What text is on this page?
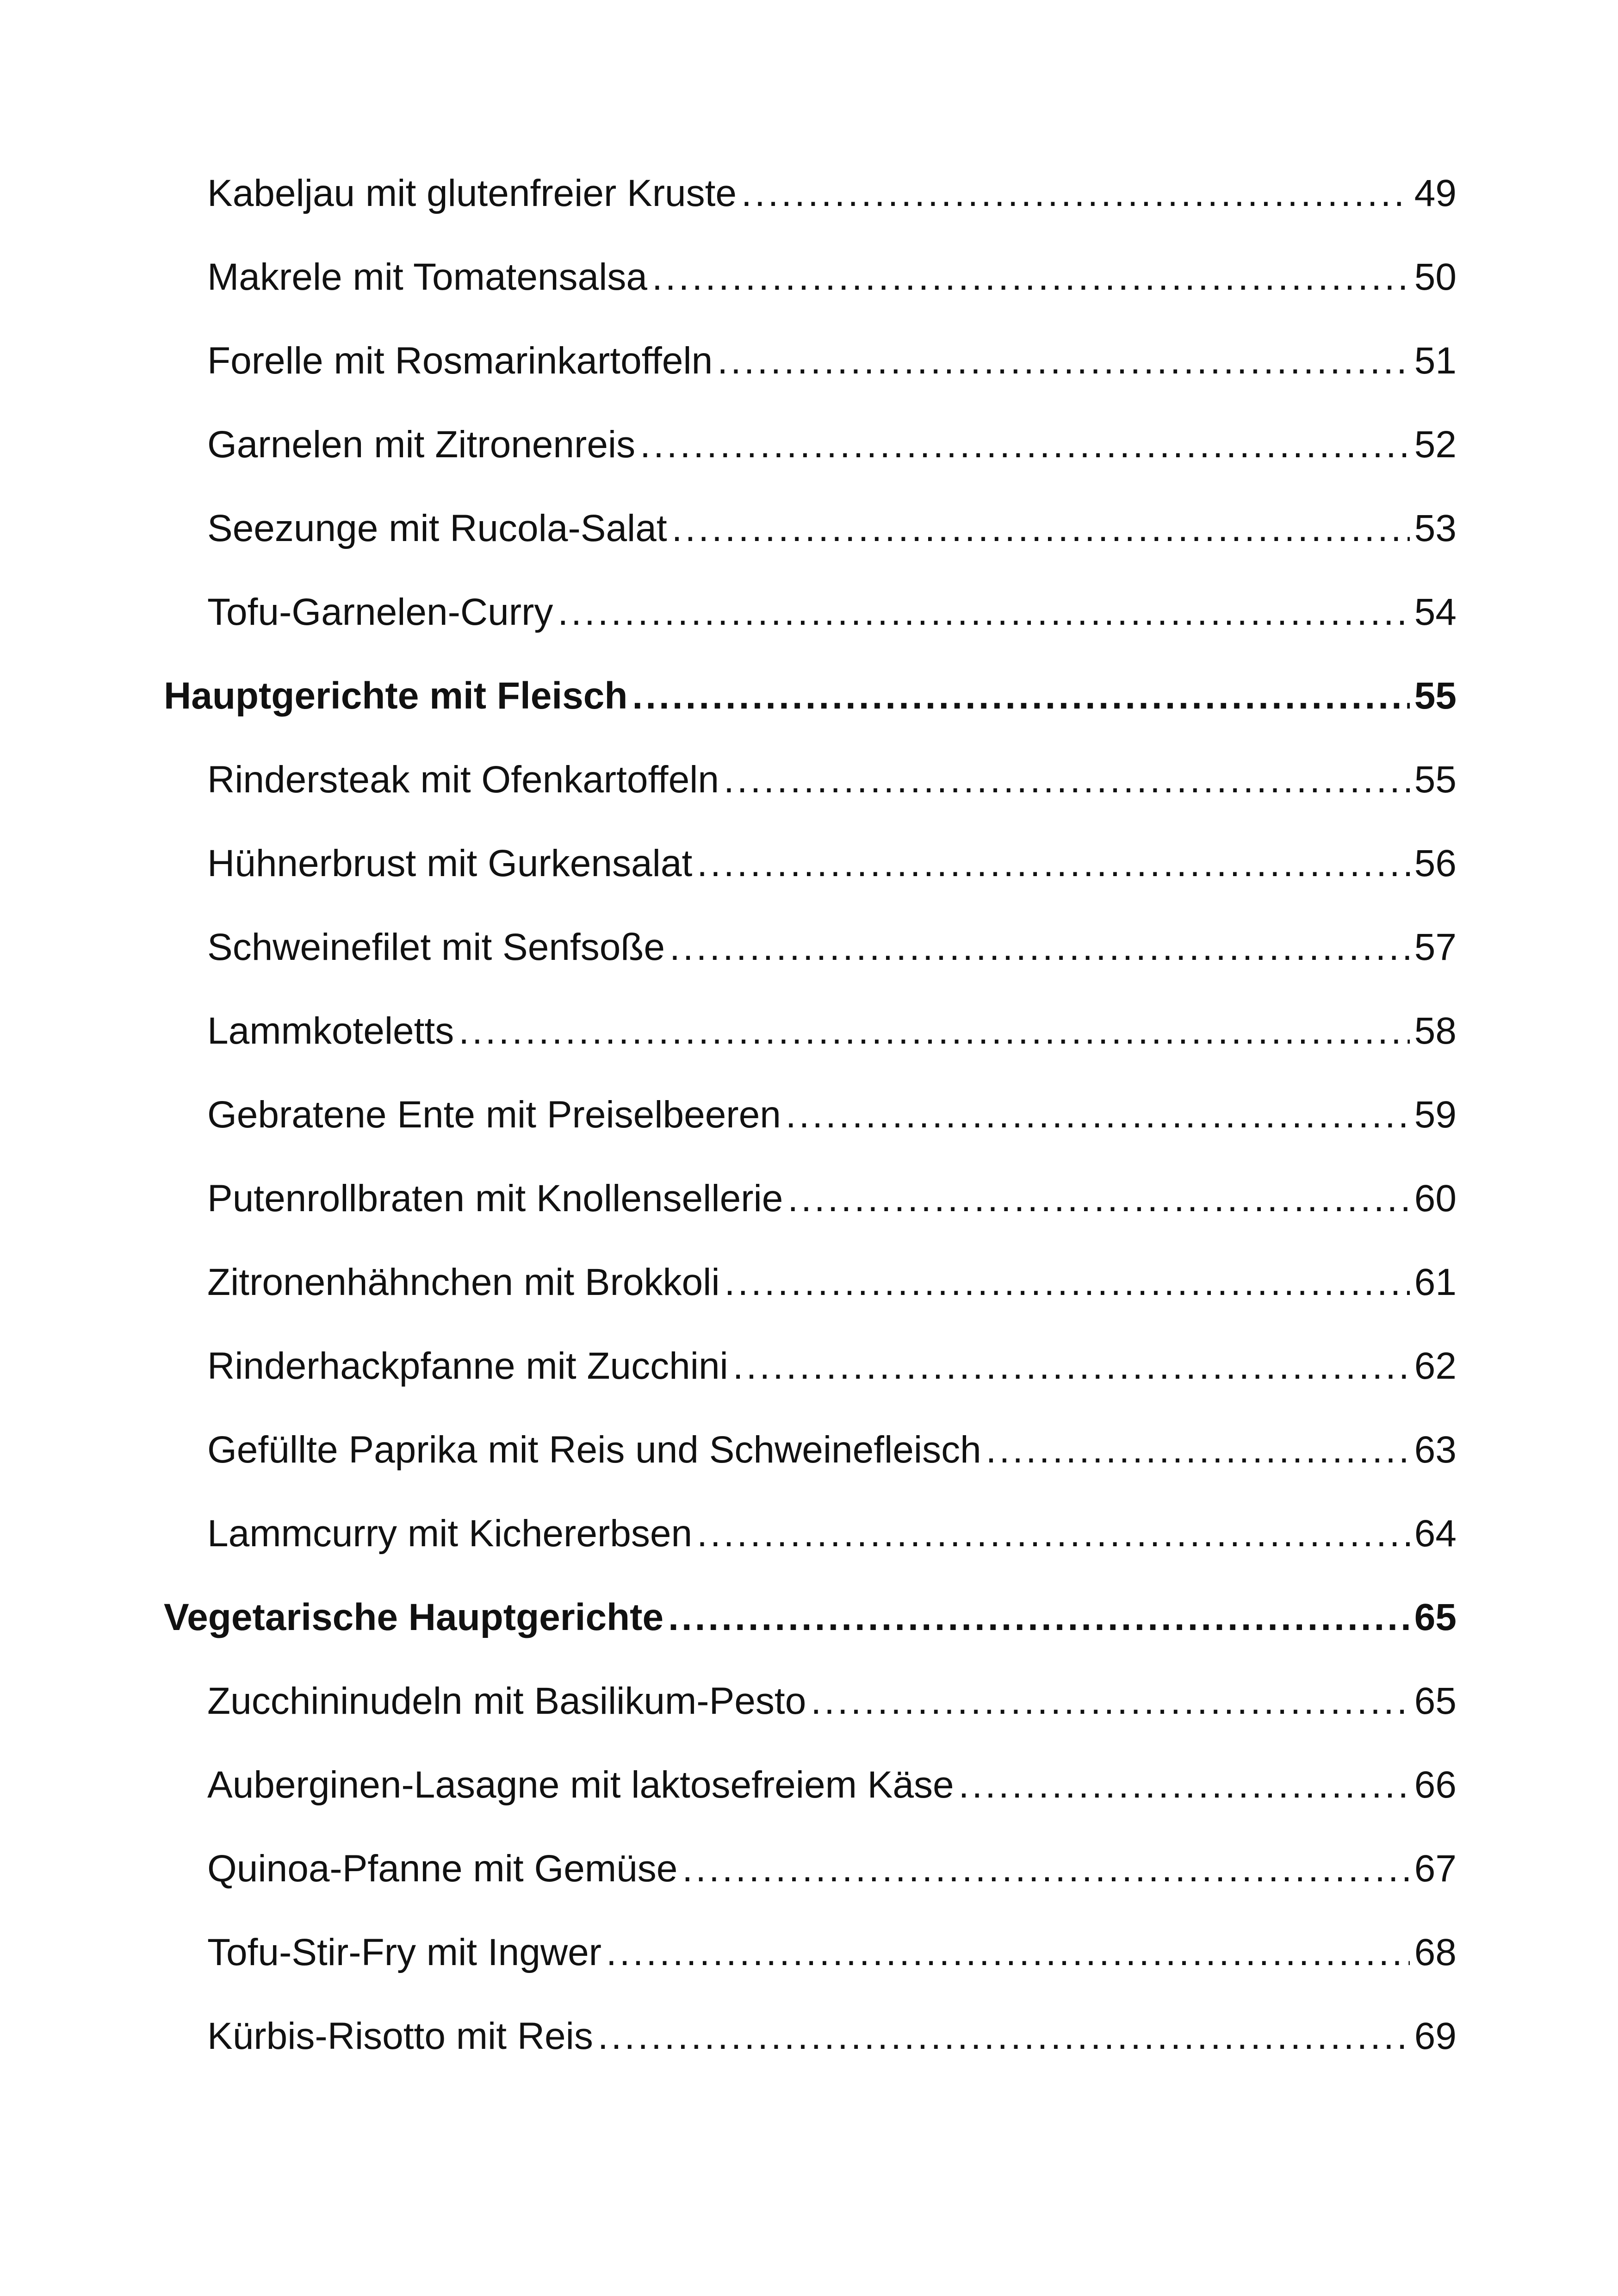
Kabeljau mit glutenfreier Kruste .....	49
Makrele mit Tomatensalsa .....	50
Forelle mit Rosmarinkartoffeln .....	51
Garnelen mit Zitronenreis .....	52
Seezunge mit Rucola-Salat .....	53
Tofu-Garnelen-Curry .....	54
Hauptgerichte mit Fleisch .....	55
Rindersteak mit Ofenkartoffeln .....	55
Hühnerbrust mit Gurkensalat .....	56
Schweinefilet mit Senfsoße .....	57
Lammkoteletts .....	58
Gebratene Ente mit Preiselbeeren .....	59
Putenrollbraten mit Knollensellerie .....	60
Zitronenhähnchen mit Brokkoli .....	61
Rinderhackpfanne mit Zucchini .....	62
Gefüllte Paprika mit Reis und Schweinefleisch .....	63
Lammcurry mit Kichererbsen .....	64
Vegetarische Hauptgerichte .....	65
Zucchininudeln mit Basilikum-Pesto .....	65
Auberginen-Lasagne mit laktosefreiem Käse .....	66
Quinoa-Pfanne mit Gemüse .....	67
Tofu-Stir-Fry mit Ingwer .....	68
Kürbis-Risotto mit Reis .....	69
